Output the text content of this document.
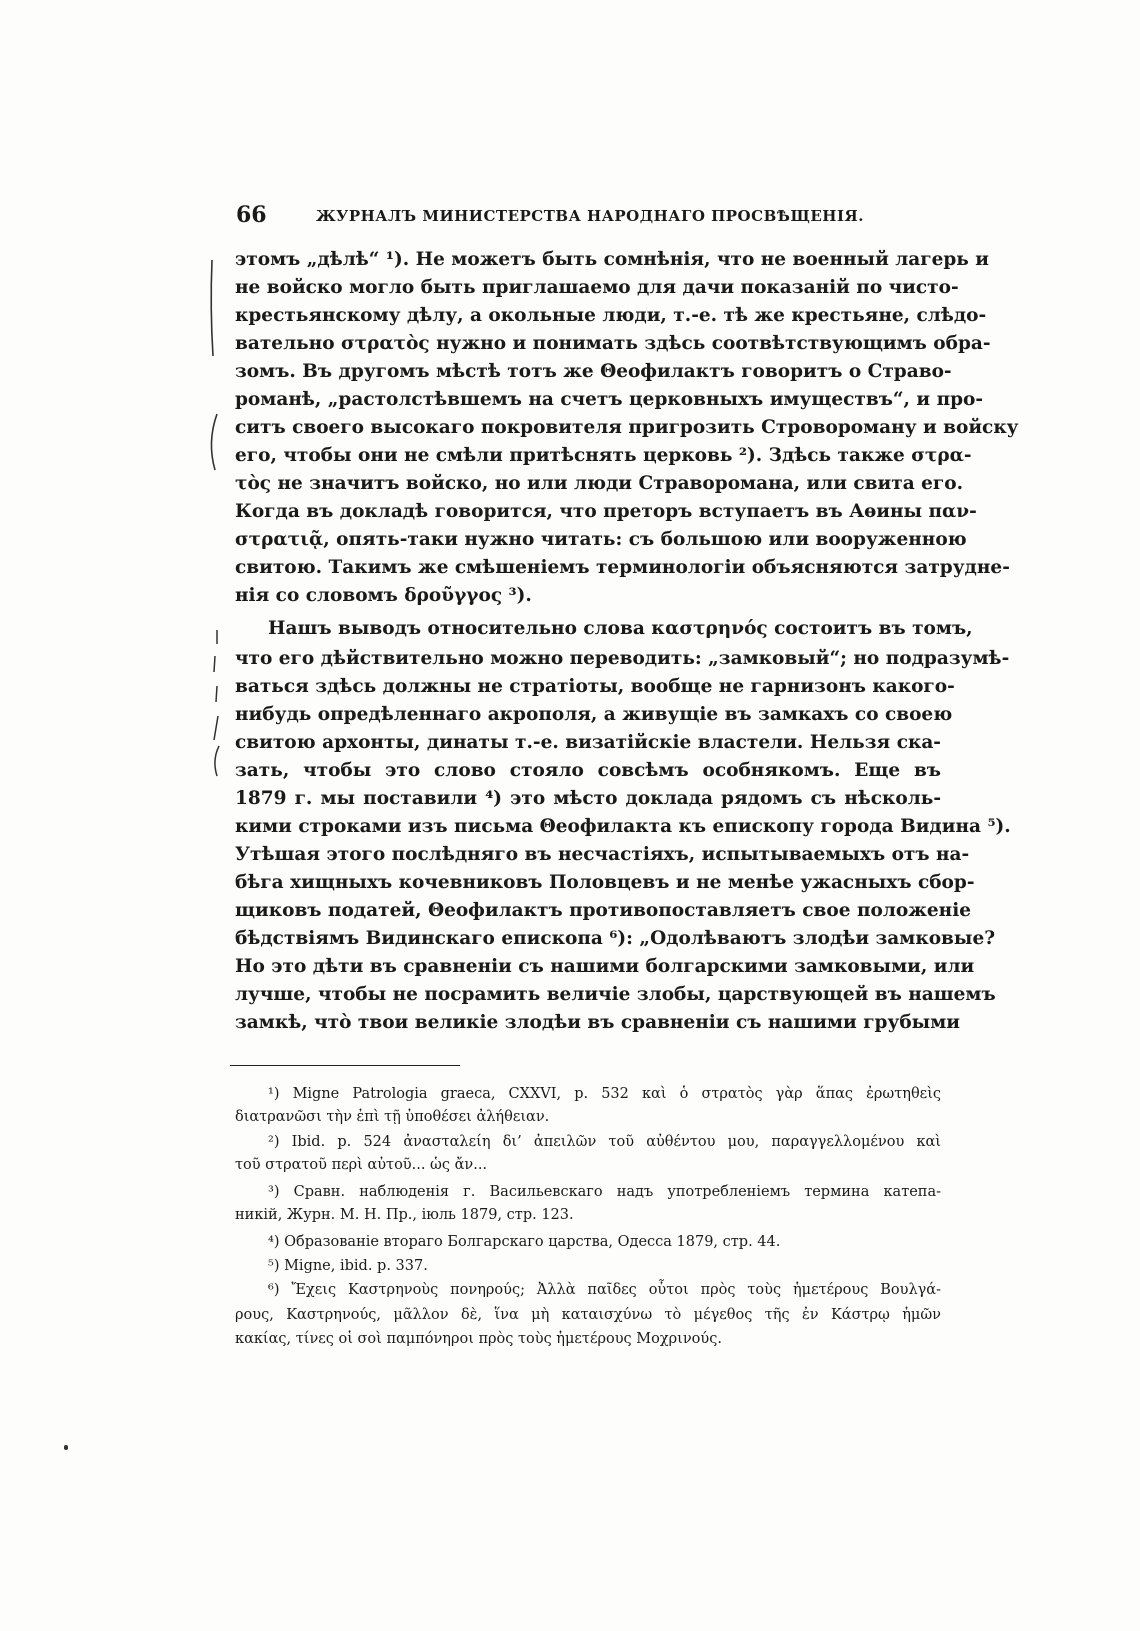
66	ЖУРНАЛЪ МИНИСТЕРСТВА НАРОДНАГО ПРОСВѢЩЕНІЯ.
этомъ „дѣлѣ“ ¹). Не можетъ быть сомнѣнія, что не военный лагерь и
не войско могло быть приглашаемо для дачи показаній по чисто-
крестьянскому дѣлу, а окольные люди, т.-е. тѣ же крестьяне, слѣдо-
вательно στρατὸς нужно и понимать здѣсь соотвѣтствующимъ обра-
зомъ. Въ другомъ мѣстѣ тотъ же Θеофилактъ говоритъ о Страво-
романѣ, „растолстѣвшемъ на счетъ церковныхъ имуществъ“, и про-
ситъ своего высокаго покровителя пригрозить Стровороману и войску
его, чтобы они не смѣли притѣснять церковь ²). Здѣсь также στρα-
τὸς не значитъ войско, но или люди Стравороманa, или свита его.
Когда въ докладѣ говорится, что преторъ вступаетъ въ Аѳины παν-
στρατιᾷ, опять-таки нужно читать: съ большою или вооруженною
свитою. Такимъ же смѣшеніемъ терминологіи объясняются затрудне-
нія со словомъ δροῦγγος ³).
Нашъ выводъ относительно слова καστρηνός состоитъ въ томъ,
что его дѣйствительно можно переводить: „замковый“; но подразумѣ-
ваться здѣсь должны не стратіоты, вообще не гарнизонъ какого-
нибудь опредѣленнаго акрополя, а живущіе въ замкахъ со своею
свитою архонты, динаты т.-е. визатійскіе властели. Нельзя ска-
зать, чтобы это слово стояло совсѣмъ особнякомъ. Еще въ
1879 г. мы поставили ⁴) это мѣсто доклада рядомъ съ нѣсколь-
кими строками изъ письма Θеофилакта къ епископу города Видина ⁵).
Утѣшая этого послѣдняго въ несчастіяхъ, испытываемыхъ отъ на-
бѣга хищныхъ кочевниковъ Половцевъ и не менѣе ужасныхъ сбор-
щиковъ податей, Θеофилактъ противопоставляетъ свое положеніе
бѣдствіямъ Видинскаго епископа ⁶): „Одолѣваютъ злодѣи замковые?
Но это дѣти въ сравненіи съ нашими болгарскими замковыми, или
лучше, чтобы не посрамить величіе злобы, царствующей въ нашемъ
замкѣ, что̀ твои великіе злодѣи въ сравненіи съ нашими грубыми
¹) Migne Patrologia graeca, CXXVI, p. 532 καὶ ὁ στρατὸς γὰρ ἅπας ἐρωτηθεὶς
διατρανῶσι τὴν ἐπὶ τῇ ὑποθέσει ἀλήθειαν.
²) Ibid. p. 524 ἀνασταλείη δι’ ἀπειλῶν τοῦ αὐθέντου μου, παραγγελλομένου καὶ
τοῦ στρατοῦ περὶ αὐτοῦ... ὡς ἄν...
³) Сравн. наблюденія г. Васильевскаго надъ употребленіемъ термина катепа-
никій, Журн. М. Н. Пр., іюль 1879, стр. 123.
⁴) Образованіе втораго Болгарскаго царства, Одесса 1879, стр. 44.
⁵) Migne, ibid. p. 337.
⁶) Ἔχεις Καστρηνοὺς πονηρούς; Ἀλλὰ παῖδες οὗτοι πρὸς τοὺς ἡμετέρους Βουλγά-
ρους, Καστρηνούς, μᾶλλον δὲ, ἵνα μὴ καταισχύνω τὸ μέγεθος τῆς ἐν Κάστρῳ ἡμῶν
κακίας, τίνες οἱ σοὶ παμπόνηροι πρὸς τοὺς ἡμετέρους Μοχρινούς.
